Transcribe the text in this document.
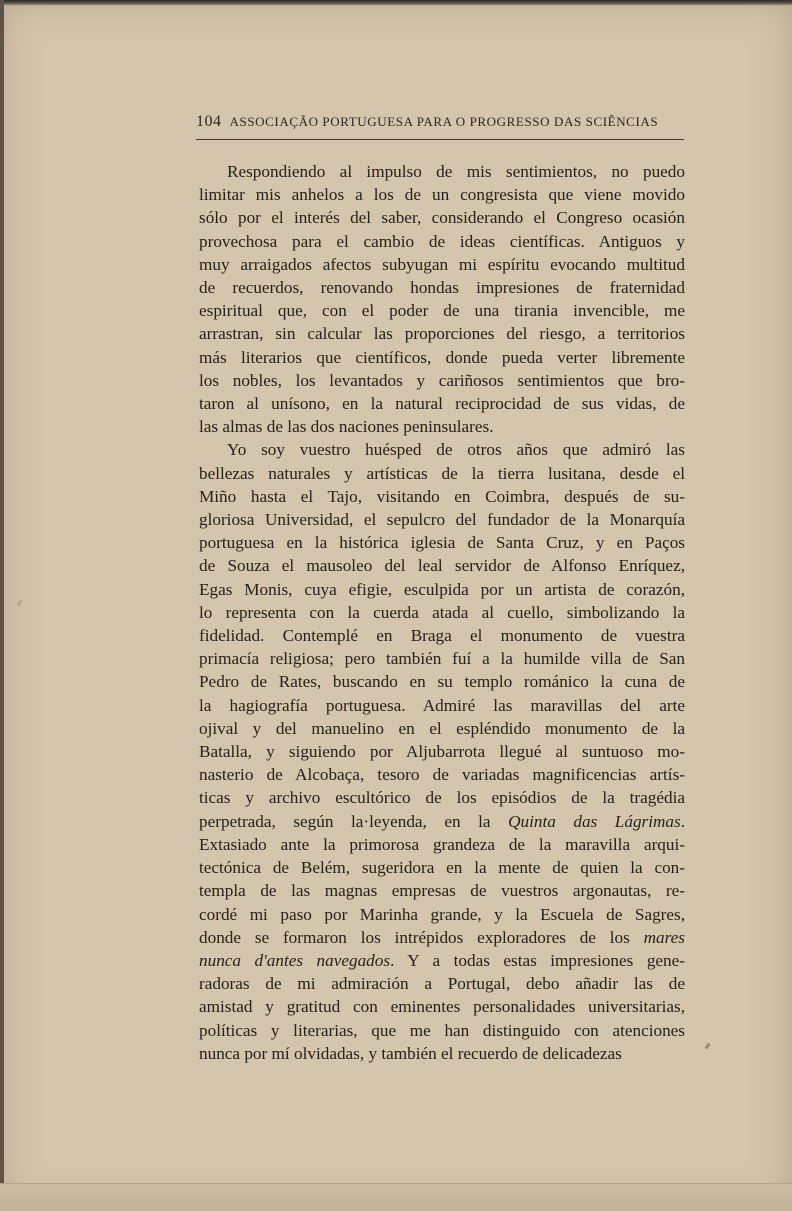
104 ASSOCIAÇÃO PORTUGUESA PARA O PROGRESSO DAS SCIÊNCIAS
Respondiendo al impulso de mis sentimientos, no puedo
limitar mis anhelos a los de un congresista que viene movido
sólo por el interés del saber, considerando el Congreso ocasión
provechosa para el cambio de ideas científicas. Antiguos y
muy arraigados afectos subyugan mi espíritu evocando multitud
de recuerdos, renovando hondas impresiones de fraternidad
espiritual que, con el poder de una tirania invencible, me
arrastran, sin calcular las proporciones del riesgo, a territorios
más literarios que científicos, donde pueda verter libremente
los nobles, los levantados y cariñosos sentimientos que bro-
taron al unísono, en la natural reciprocidad de sus vidas, de
las almas de las dos naciones peninsulares.
Yo soy vuestro huésped de otros años que admiró las
bellezas naturales y artísticas de la tierra lusitana, desde el
Miño hasta el Tajo, visitando en Coimbra, después de su-
gloriosa Universidad, el sepulcro del fundador de la Monarquía
portuguesa en la histórica iglesia de Santa Cruz, y en Paços
de Souza el mausoleo del leal servidor de Alfonso Enríquez,
Egas Monis, cuya efigie, esculpida por un artista de corazón,
lo representa con la cuerda atada al cuello, simbolizando la
fidelidad. Contemplé en Braga el monumento de vuestra
primacía religiosa; pero también fuí a la humilde villa de San
Pedro de Rates, buscando en su templo románico la cuna de
la hagiografía portuguesa. Admiré las maravillas del arte
ojival y del manuelino en el espléndido monumento de la
Batalla, y siguiendo por Aljubarrota llegué al suntuoso mo-
nasterio de Alcobaça, tesoro de variadas magnificencias artís-
ticas y archivo escultórico de los episódios de la tragédia
perpetrada, según la·leyenda, en la Quinta das Lágrimas.
Extasiado ante la primorosa grandeza de la maravilla arqui-
tectónica de Belém, sugeridora en la mente de quien la con-
templa de las magnas empresas de vuestros argonautas, re-
cordé mi paso por Marinha grande, y la Escuela de Sagres,
donde se formaron los intrépidos exploradores de los mares
nunca d'antes navegados. Y a todas estas impresiones gene-
radoras de mi admiración a Portugal, debo añadir las de
amistad y gratitud con eminentes personalidades universitarias,
políticas y literarias, que me han distinguido con atenciones
nunca por mí olvidadas, y también el recuerdo de delicadezas
